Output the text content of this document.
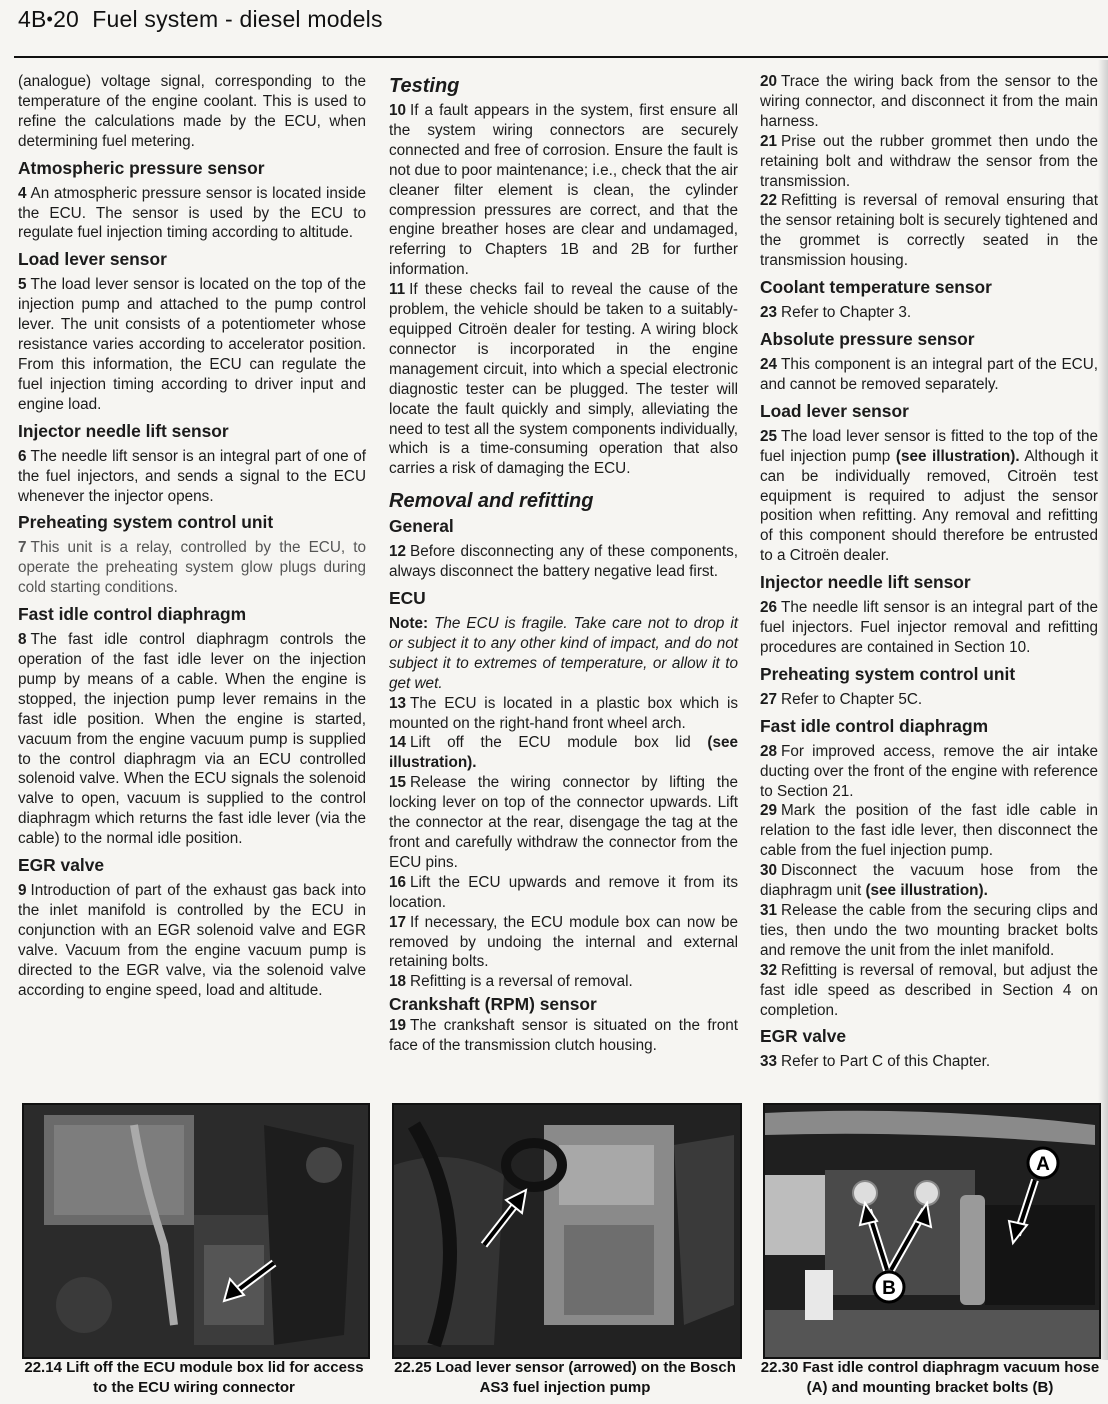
4B•20 Fuel system - diesel models

(analogue) voltage signal, corresponding to the temperature of the engine coolant. This is used to refine the calculations made by the ECU, when determining fuel metering.

Atmospheric pressure sensor

4 An atmospheric pressure sensor is located inside the ECU. The sensor is used by the ECU to regulate fuel injection timing according to altitude.

Load lever sensor

5 The load lever sensor is located on the top of the injection pump and attached to the pump control lever. The unit consists of a potentiometer whose resistance varies according to accelerator position. From this information, the ECU can regulate the fuel injection timing according to driver input and engine load.

Injector needle lift sensor

6 The needle lift sensor is an integral part of one of the fuel injectors, and sends a signal to the ECU whenever the injector opens.

Preheating system control unit

7 This unit is a relay, controlled by the ECU, to operate the preheating system glow plugs during cold starting conditions.

Fast idle control diaphragm

8 The fast idle control diaphragm controls the operation of the fast idle lever on the injection pump by means of a cable. When the engine is stopped, the injection pump lever remains in the fast idle position. When the engine is started, vacuum from the engine vacuum pump is supplied to the control diaphragm via an ECU controlled solenoid valve. When the ECU signals the solenoid valve to open, vacuum is supplied to the control diaphragm which returns the fast idle lever (via the cable) to the normal idle position.

EGR valve

9 Introduction of part of the exhaust gas back into the inlet manifold is controlled by the ECU in conjunction with an EGR solenoid valve and EGR valve. Vacuum from the engine vacuum pump is directed to the EGR valve, via the solenoid valve according to engine speed, load and altitude.

Testing

10 If a fault appears in the system, first ensure all the system wiring connectors are securely connected and free of corrosion. Ensure the fault is not due to poor maintenance; i.e., check that the air cleaner filter element is clean, the cylinder compression pressures are correct, and that the engine breather hoses are clear and undamaged, referring to Chapters 1B and 2B for further information.

11 If these checks fail to reveal the cause of the problem, the vehicle should be taken to a suitably-equipped Citroën dealer for testing. A wiring block connector is incorporated in the engine management circuit, into which a special electronic diagnostic tester can be plugged. The tester will locate the fault quickly and simply, alleviating the need to test all the system components individually, which is a time-consuming operation that also carries a risk of damaging the ECU.

Removal and refitting
General

12 Before disconnecting any of these components, always disconnect the battery negative lead first.

ECU

Note: The ECU is fragile. Take care not to drop it or subject it to any other kind of impact, and do not subject it to extremes of temperature, or allow it to get wet.

13 The ECU is located in a plastic box which is mounted on the right-hand front wheel arch.

14 Lift off the ECU module box lid (see illustration).

15 Release the wiring connector by lifting the locking lever on top of the connector upwards. Lift the connector at the rear, disengage the tag at the front and carefully withdraw the connector from the ECU pins.

16 Lift the ECU upwards and remove it from its location.

17 If necessary, the ECU module box can now be removed by undoing the internal and external retaining bolts.

18 Refitting is a reversal of removal.

Crankshaft (RPM) sensor

19 The crankshaft sensor is situated on the front face of the transmission clutch housing.

20 Trace the wiring back from the sensor to the wiring connector, and disconnect it from the main harness.

21 Prise out the rubber grommet then undo the retaining bolt and withdraw the sensor from the transmission.

22 Refitting is reversal of removal ensuring that the sensor retaining bolt is securely tightened and the grommet is correctly seated in the transmission housing.

Coolant temperature sensor

23 Refer to Chapter 3.

Absolute pressure sensor

24 This component is an integral part of the ECU, and cannot be removed separately.

Load lever sensor

25 The load lever sensor is fitted to the top of the fuel injection pump (see illustration). Although it can be individually removed, Citroën test equipment is required to adjust the sensor position when refitting. Any removal and refitting of this component should therefore be entrusted to a Citroën dealer.

Injector needle lift sensor

26 The needle lift sensor is an integral part of the fuel injectors. Fuel injector removal and refitting procedures are contained in Section 10.

Preheating system control unit

27 Refer to Chapter 5C.

Fast idle control diaphragm

28 For improved access, remove the air intake ducting over the front of the engine with reference to Section 21.

29 Mark the position of the fast idle cable in relation to the fast idle lever, then disconnect the cable from the fuel injection pump.

30 Disconnect the vacuum hose from the diaphragm unit (see illustration).

31 Release the cable from the securing clips and ties, then undo the two mounting bracket bolts and remove the unit from the inlet manifold.

32 Refitting is reversal of removal, but adjust the fast idle speed as described in Section 4 on completion.

EGR valve

33 Refer to Part C of this Chapter.

A
B
22.14 Lift off the ECU module box lid for access to the ECU wiring connector
22.25 Load lever sensor (arrowed) on the Bosch AS3 fuel injection pump
22.30 Fast idle control diaphragm vacuum hose (A) and mounting bracket bolts (B)
